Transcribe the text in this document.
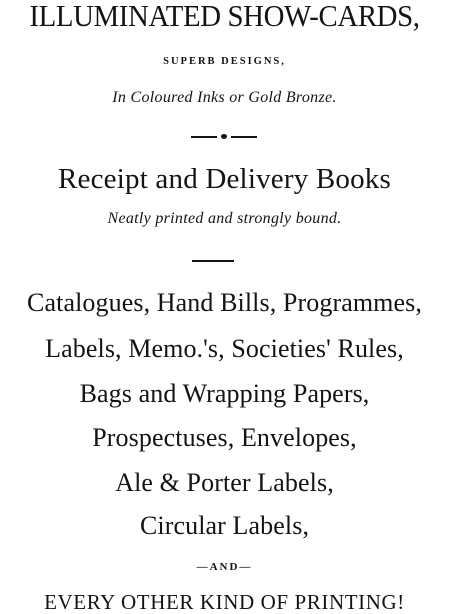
ILLUMINATED SHOW-CARDS,
SUPERB DESIGNS,
In Coloured Inks or Gold Bronze.
Receipt and Delivery Books
Neatly printed and strongly bound.
Catalogues, Hand Bills, Programmes,
Labels, Memo.'s, Societies' Rules,
Bags and Wrapping Papers,
Prospectuses, Envelopes,
Ale & Porter Labels,
Circular Labels,
—AND—
EVERY OTHER KIND OF PRINTING!
